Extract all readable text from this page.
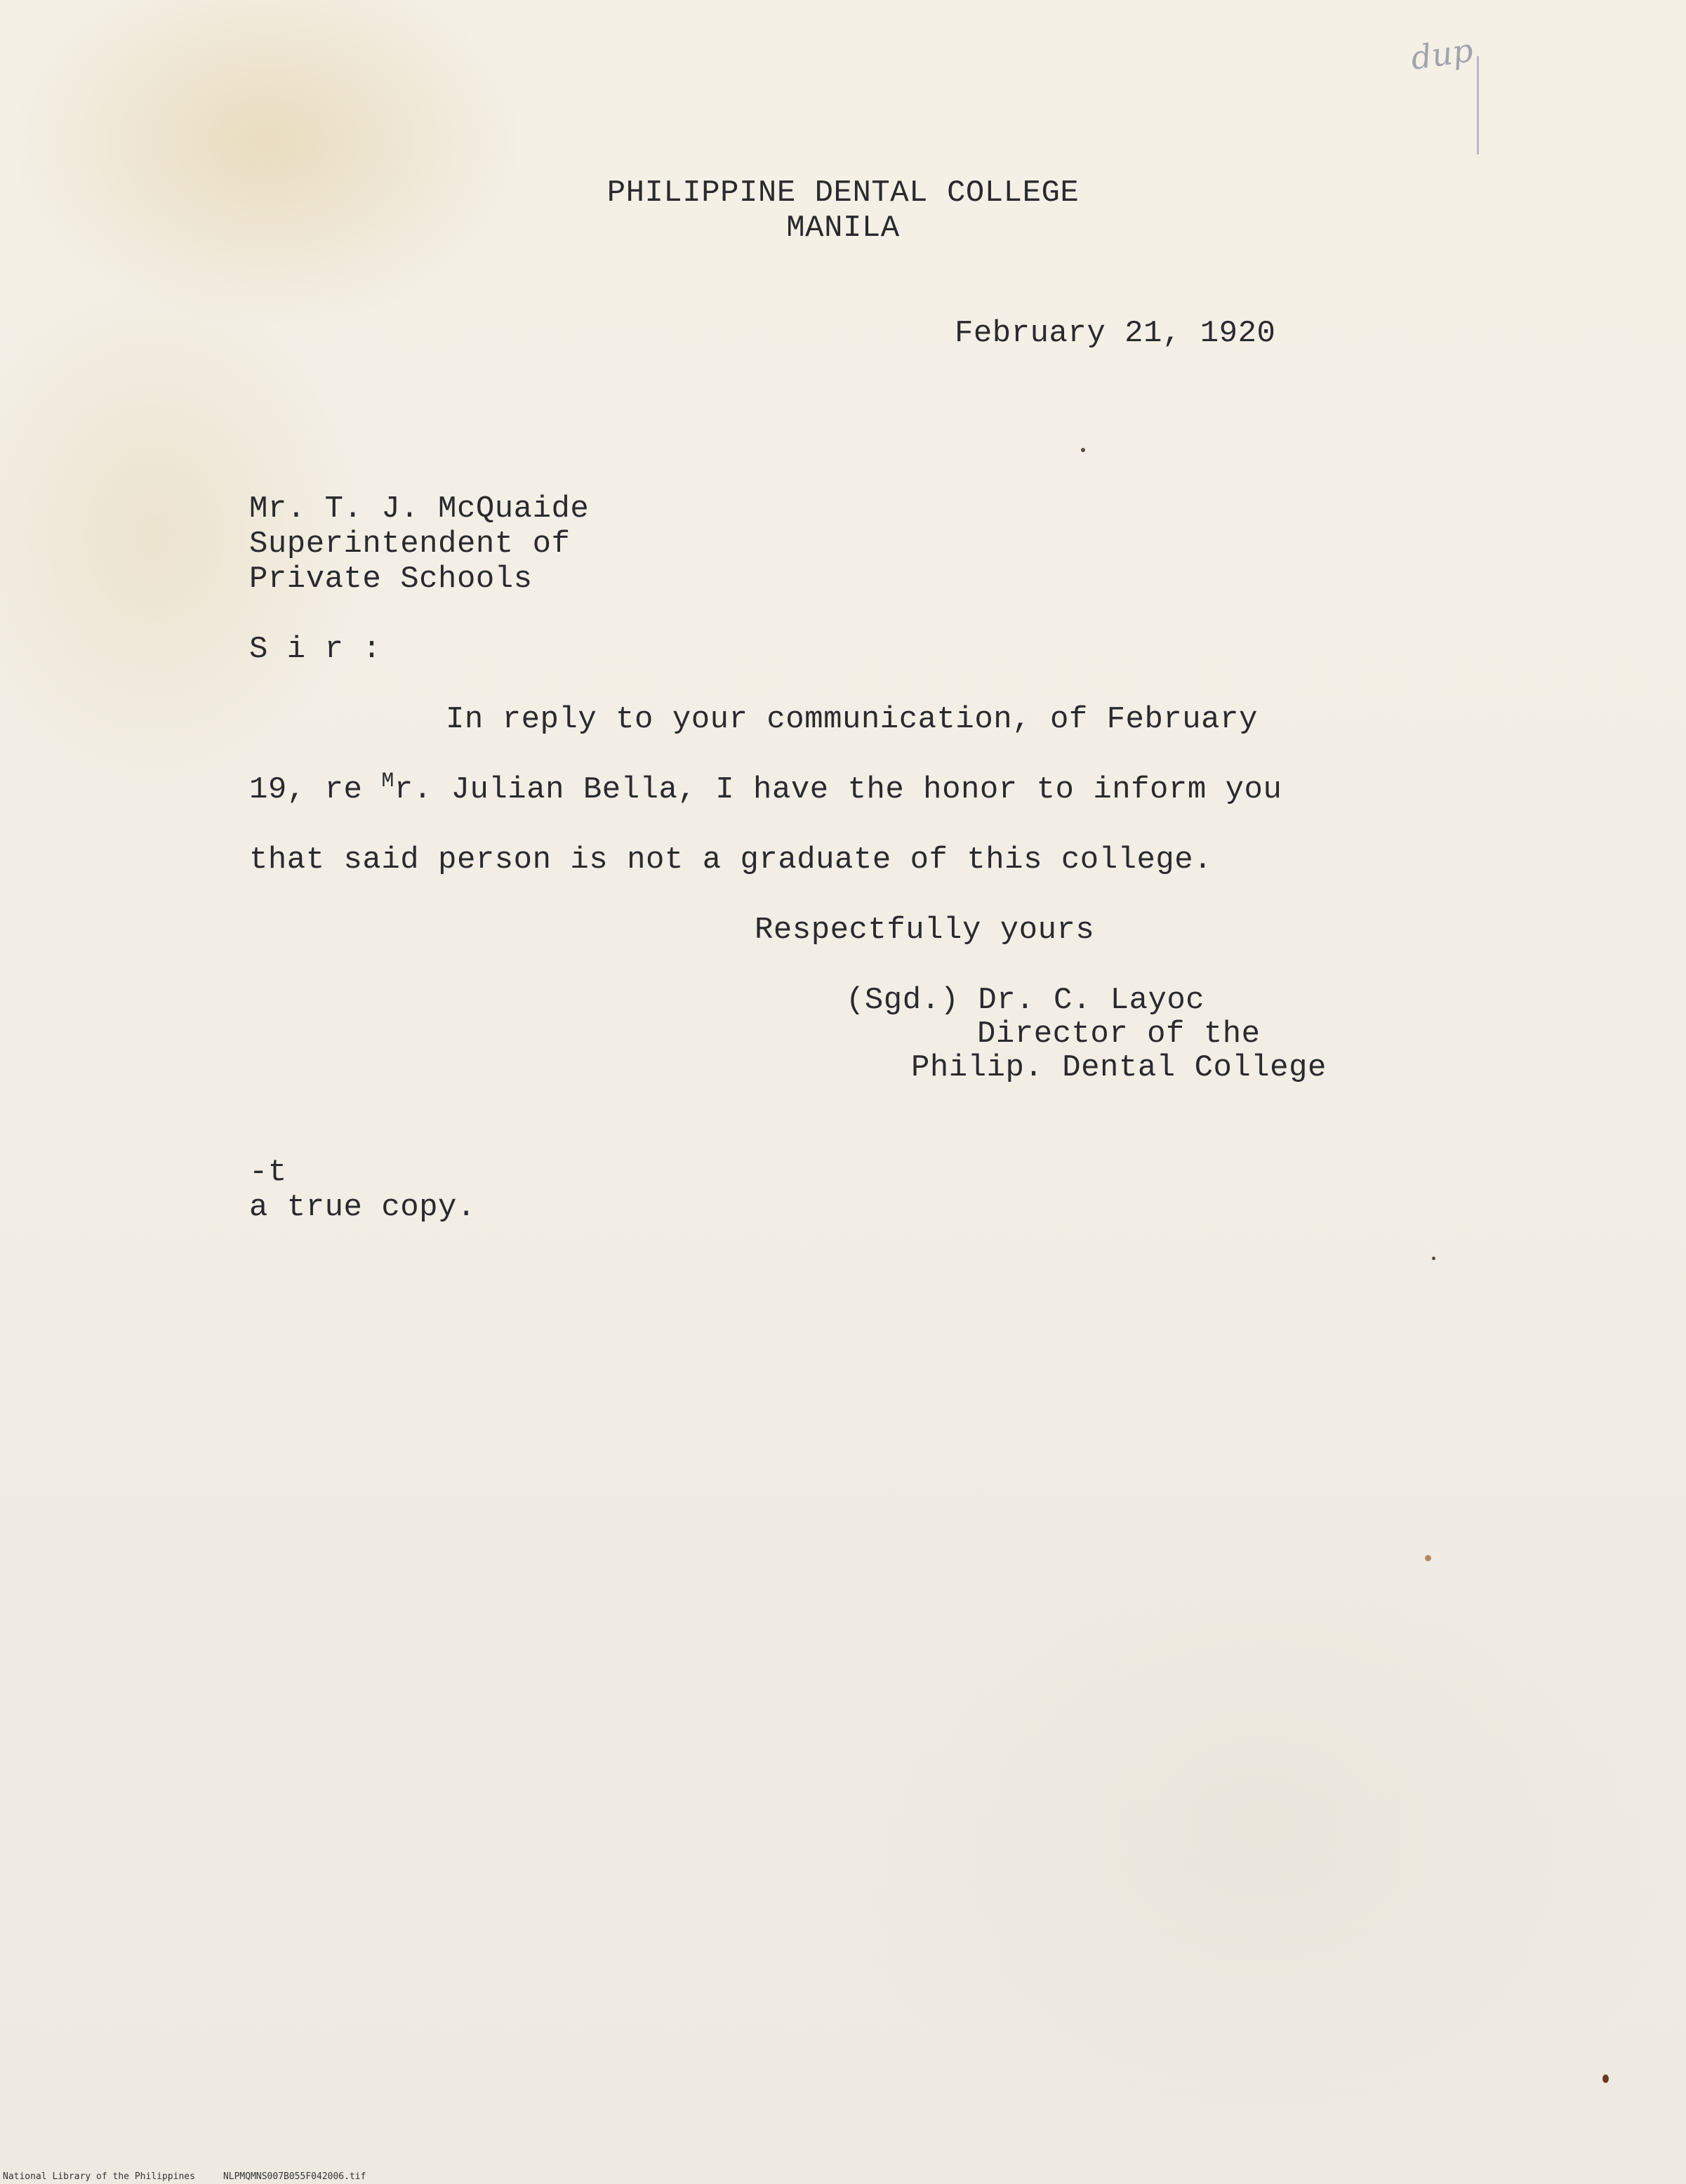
dup
PHILIPPINE DENTAL COLLEGE
MANILA
February 21, 1920
Mr. T. J. McQuaide
Superintendent of
Private Schools
S i r :
In reply to your communication, of February
19, re $^M$r. Julian Bella, I have the honor to inform you
that said person is not a graduate of this college.
Respectfully yours
(Sgd.) Dr. C. Layoc
Director of the
Philip. Dental College
-t
a true copy.
National Library of the Philippines	NLPMQMNS007B055F042006.tif
